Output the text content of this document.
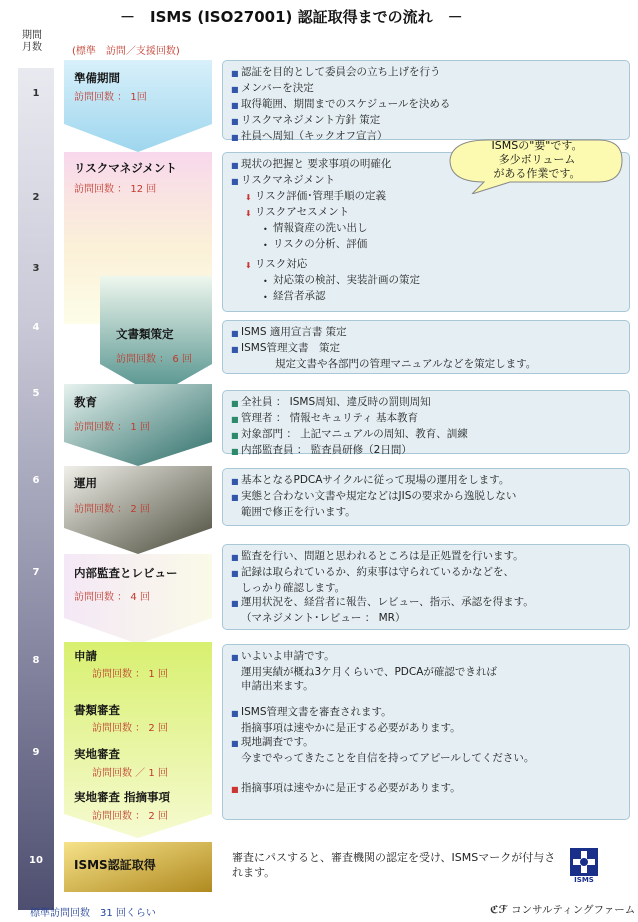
－　ISMS (ISO27001) 認証取得までの流れ　－
期間
月数	(標準　訪問／支援回数)
1
2
3
4
5
6
7
8
9
10
準備期間
訪問回数 ： 1回
リスクマネジメント
訪問回数 ： 12 回
文書類策定
訪問回数 ： 6 回
教育
訪問回数 ： 1 回
運用
訪問回数 ： 2 回
内部監査とレビュー
訪問回数 ： 4 回
申請
訪問回数 ： 1 回
書類審査
訪問回数 ： 2 回
実地審査
訪問回数 ／ 1 回
実地審査 指摘事項
訪問回数 ： 2 回
ISMS認証取得
■ 認証を目的として委員会の立ち上げを行う
■ メンバーを決定
■ 取得範囲、期間までのスケジュールを決める
■ リスクマネジメント方針 策定
■ 社員へ周知（キックオフ宣言）
■ 現状の把握と 要求事項の明確化
■ リスクマネジメント
⬇ リスク評価･管理手順の定義
⬇ リスクアセスメント
• 情報資産の洗い出し
• リスクの分析、評価
⬇ リスク対応
• 対応策の検討、実装計画の策定
• 経営者承認
ISMSの"要"です。
多少ボリューム
がある作業です。
■ ISMS 適用宣言書 策定
■ ISMS管理文書　策定
規定文書や各部門の管理マニュアルなどを策定します。
■ 全社員 ： ISMS周知、違反時の罰則周知
■ 管理者 ： 情報セキュリティ 基本教育
■ 対象部門 ： 上記マニュアルの周知、教育、訓練
■ 内部監査員 ： 監査員研修（2日間）
■ 基本となるPDCAサイクルに従って現場の運用をします。
■ 実態と合わない文書や規定などはJISの要求から逸脱しない
範囲で修正を行います。
■ 監査を行い、問題と思われるところは是正処置を行います。
■ 記録は取られているか、約束事は守られているかなどを、
しっかり確認します。
■ 運用状況を、経営者に報告、レビュー、指示、承認を得ます。
（マネジメント･レビュー ： MR）
■ いよいよ申請です。
運用実績が概ね3ケ月くらいで、PDCAが確認できれば
申請出来ます。
■ ISMS管理文書を審査されます。
指摘事項は速やかに是正する必要があります。
■ 現地調査です。
今までやってきたことを自信を持ってアピールしてください。
■ 指摘事項は速やかに是正する必要があります。
審査にパスすると、審査機関の認定を受け、ISMSマークが付与されます。
ISMS
標準訪問回数　31 回くらい	ℭℱ コンサルティングファーム
